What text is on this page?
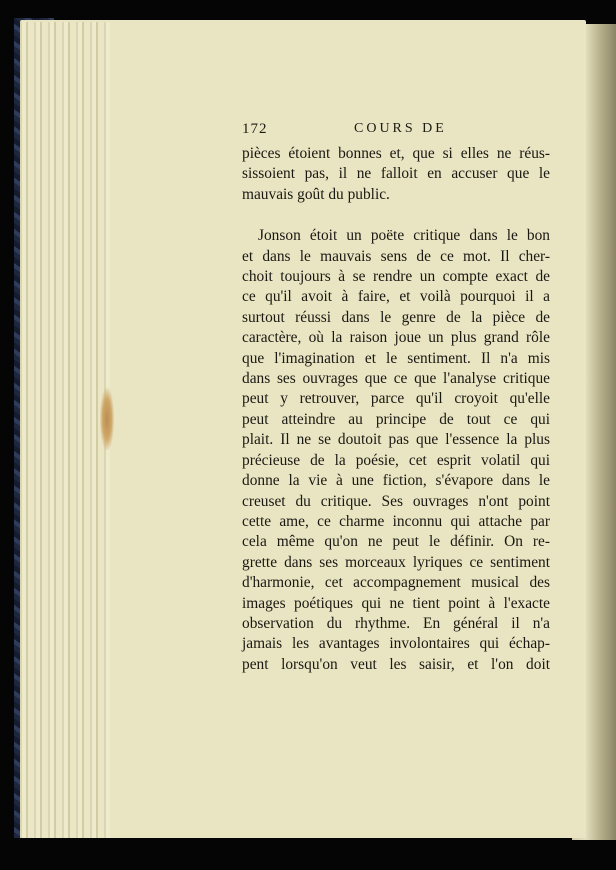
172	COURS DE
pièces étoient bonnes et, que si elles ne réus-
sissoient pas, il ne falloit en accuser que le
mauvais goût du public.
Jonson étoit un poëte critique dans le bon
et dans le mauvais sens de ce mot. Il cher-
choit toujours à se rendre un compte exact de
ce qu'il avoit à faire, et voilà pourquoi il a
surtout réussi dans le genre de la pièce de
caractère, où la raison joue un plus grand rôle
que l'imagination et le sentiment. Il n'a mis
dans ses ouvrages que ce que l'analyse critique
peut y retrouver, parce qu'il croyoit qu'elle
peut atteindre au principe de tout ce qui
plait. Il ne se doutoit pas que l'essence la plus
précieuse de la poésie, cet esprit volatil qui
donne la vie à une fiction, s'évapore dans le
creuset du critique. Ses ouvrages n'ont point
cette ame, ce charme inconnu qui attache par
cela même qu'on ne peut le définir. On re-
grette dans ses morceaux lyriques ce sentiment
d'harmonie, cet accompagnement musical des
images poétiques qui ne tient point à l'exacte
observation du rhythme. En général il n'a
jamais les avantages involontaires qui échap-
pent lorsqu'on veut les saisir, et l'on doit
